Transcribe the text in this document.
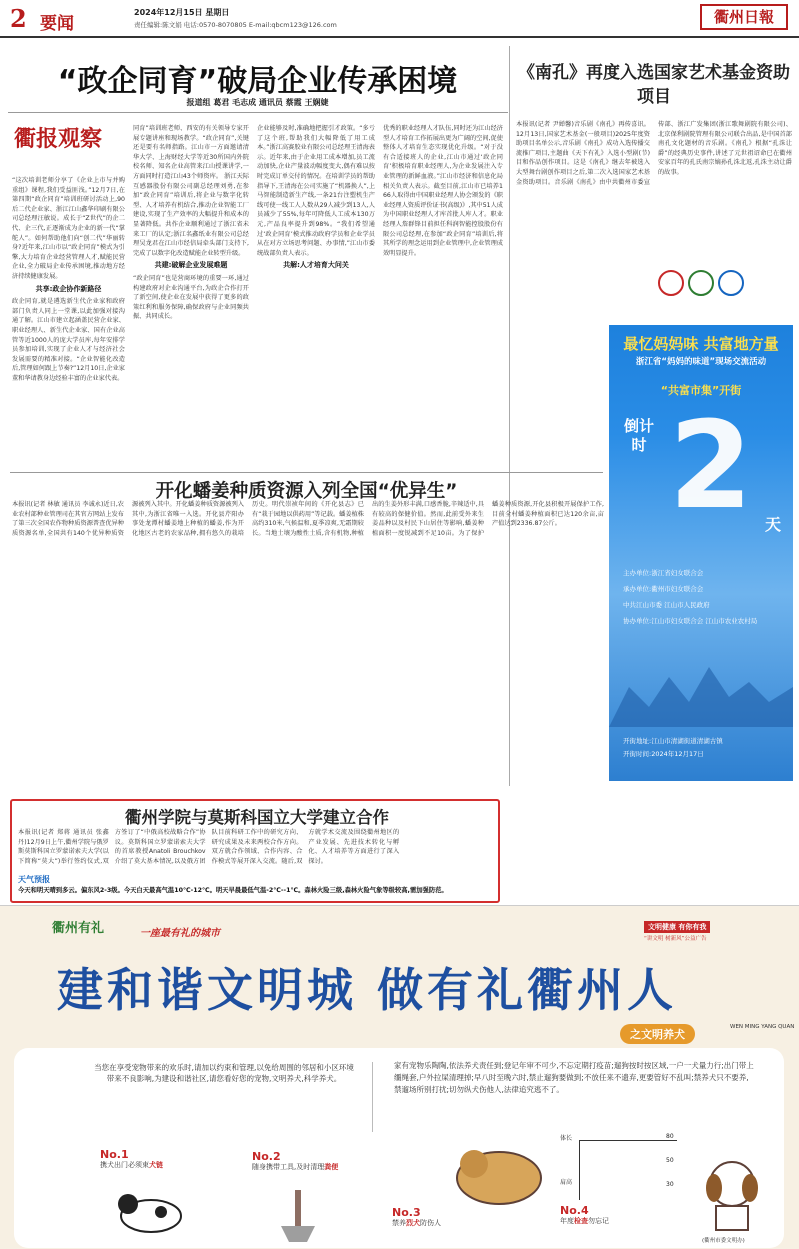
2 要闻
2024年12月15日 星期日
责任编辑:陈文娟 电话:0570-8070805 E-mail:qbcm123@126.com	衢州日報
“政企同育”破局企业传承困境
报道组 葛君 毛志成 通讯员 蔡霞 王娴婕
衢报观察
“这次培训老师分享了《企业上市与并购重组》课程,我们受益匪浅。”12月7日,在第四期“政企同育”培训班研讨活动上,90后二代企业家、浙江江山鑫华印刷有限公司总经理汪敏说。成长于“Z世代”的企二代、企三代,正逐渐成为企业的新一代“掌舵人”。如何帮助他们向“创二代”华丽转身?近年来,江山市以“政企同育”模式为引擎,大力培育企业经营管理人才,赋能民营企业,全力破局企业传承困境,推动地方经济持续健康发展。
共享:政企协作新路径
政企同育,就是遴选新生代企业家和政府部门负责人同上一堂课,以此加强对接沟通了解。江山市建立起涵盖民营企业家、职业经理人、新生代企业家、国有企业高管等近1000人的庞大学员库,每年安排学员参加培训,实现了企业人才与经济社会发展需要的精准对接。“企业智能化改造后,管理如何跟上节奏?”12月10日,企业家董和华请教身边经验丰富的企业家代表。
同育”培训班老师、西安的有关领导专家开展专题讲座和现场教学。“政企同育”,关键还是要有名师指路。江山市一方面邀请清华大学、上海财经大学等近30所国内外院校名师、知名企业高管来江山授课讲学,一方面同时打造江山43个师资库。 浙江天际互感器股份有限公司副总经理刘勇,在参加“政企同育”培训后,将企业与数字化转型、人才培养有机结合,推动企业智能工厂建设,实现了生产效率的大幅提升和成本的显著降低。共作企业顺利通过了浙江省未来工厂的认定;浙江名鑫纸业有限公司总经理吴龙君在江山市经信局牵头部门支持下,完成了以数字化改造赋能企业转型升级。
共建:破解企业发展难题
“政企同育”也是营商环境的重要一环,通过构建政府对企业沟通平台,为政企合作打开了新空间,使企业在发展中获得了更多的政策红利和服务保障,确保政府与企业同频共振、共同成长。
企业能够及时,准确地把握引才政策。“多亏了这个班,帮助我们大幅降低了用工成本。”浙江高赛胶业有限公司总经理王清海表示。近年来,由于企业用工成本增加,员工流动加快,企业产量波动幅度变大,偶有难以按时完成订单交付的情况。在培训学员的帮助指导下,王清海在公司实施了“机器换人”,上马智能制造新生产线,一条21台注塑机生产线可使一线工人人数从29人减少到13人,人员减少了55%,每年可降低人工成本130万元,产品良率提升到98%。“我们希望通过‘政企同育’模式推动政府学员和企业学员从在对方立场思考问题、办事情,”江山市委统战部负责人表示。
共解:人才培育大问关
优秀的职业经理人才队伍,同时还为江山经济型人才培育工作拓展出更为广阔的空间,促使整体人才培育生态实现优化升级。“对于没有合适接班人的企业,江山市通过‘政企同育’积极培育职业经理人,为企业发展注入专业管理的新鲜血液。”江山市经济和信息化局相关负责人表示。截至目前,江山市已培养166人取得由中国职业经理人协会颁发的《职业经理人资质评价证书(高级)》,其中51人成为中国职业经理人才库首批人库人才。职业经理人詹群锋目前担任科润智能控股股份有限公司总经理,在参加“政企同育”培训后,将其所学的理念运用到企业管理中,企业管理成效明显提升。
《南孔》再度入选国家艺术基金资助项目
本报讯(记者 尹婵馨)音乐剧《南孔》再传喜讯。12月13日,国家艺术基金(一般项目)2025年度资助项目名单公示,音乐剧《南孔》成功入选传播交流推广项目,主题曲《天下有礼》入选小型剧(节)目和作品创作项目。这是《南孔》继去年被选入大型舞台剧创作项目之后,第二次入选国家艺术基金资助项目。音乐剧《南孔》由中共衢州市委宣传部、浙江广发集团(浙江歌舞剧院有限公司)、北京保利剧院管理有限公司联合出品,是中国首部南孔文化题材的音乐剧。《南孔》根据“孔洙让爵”的经典历史事件,讲述了元世祖诏命已在衢州安家百年的孔氏南宗嫡孙孔洙北返,孔洙主动让爵的故事。
最忆妈妈味 共富地方量
浙江省“妈妈的味道”现场交流活动
“共富市集”开街
倒计时 2 天
主办单位:浙江省妇女联合会
承办单位:衢州市妇女联合会
中共江山市委 江山市人民政府
协办单位:江山市妇女联合会 江山市农业农村局
开街地址:江山市清湖街道清湖古镇
开街时间:2024年12月17日
开化蟠姜种质资源入列全国“优异生”
本报讯(记者 林敏 通讯员 李诚永)近日,农业农村部种业管理司在其官方网站上发布了第三次全国农作物种质资源普查优异种质资源名单,全国共有140个优异种质资源被列入其中。开化蟠姜种质资源被列入其中,为浙江省唯一入选。开化县芹阳办事处龙潭村蟠姜地上种植的蟠姜,作为开化地区古老的农家品种,拥有悠久的栽培历史。明代崇祯年间的《开化县志》已有“栽于园地以供药用”等记载。蟠姜植株高约310米,气候温和,夏季凉爽,无霜期较长。当地土壤为酸性土质,含有机物,种植出的生姜外形丰满,口感香脆,辛辣适中,具有较高的保健价值。然而,此前受外来生姜品种以及村民下山居住等影响,蟠姜种植面积一度锐减到不足10亩。为了保护蟠姜种质资源,开化县积极开展保护工作,目前全村蟠姜种植面积已达120余亩,亩产值达到2336.87公斤。
衢州学院与莫斯科国立大学建立合作
本报讯(记者 郑蒋 通讯员 张鑫丹)12月9日上午,衢州学院与俄罗斯莫斯科国立罗蒙诺索夫大学(以下简称“莫大”)举行签约仪式,双方签订了“中俄高校战略合作”协议。莫斯科国立罗蒙诺索夫大学的首席教授Anatoli Brouchkov介绍了莫大基本情况,以及俄方团队目前科研工作中的研究方向、研究成果及未来两校合作方向。双方就合作领域、合作内容、合作模式等展开深入交流。随后,双方就学术交流及围绕衢州地区的产业发展、先进技术转化与孵化、人才培养等方面进行了深入探讨。
天气预报
今天和明天晴到多云。偏东风2-3级。今天白天最高气温10℃-12℃。明天早晨最低气温-2℃--1℃。森林火险三级,森林火险气象等级较高,需加强防范。
衢州有礼	一座最有礼的城市
文明健康 有你有我
“讲文明 树新风”公益广告
建和谐文明城 做有礼衢州人
之文明养犬
WEN MING YANG QUAN
当您在享受宠物带来的欢乐时,请加以约束和管理,以免给周围的邻居和小区环境带来不良影响,为建设和谐社区,请您看好您的宠物,文明养犬,科学养犬。
家有宠物乐陶陶,依法养犬责任到;登记年审不可少,不忘定期打疫苗;遛狗按时按区域,一户一犬量力行;出门带上缰绳套,户外拉屎清理掉;早八时至晚六时,禁止遛狗要做到;不放任来不遗弃,更要管好不乱叫;禁养犬只不要养,禁遛场所别打扰;切勿纵犬伤他人,法律追究逃不了。
No.1
携犬出门必须束犬链
No.2
随身携带工具,及时清理粪便
No.3
禁养烈犬防伤人
No.4
年度检查勿忘记
体长
肩高
80
50
30
(衢州市委文明办)
